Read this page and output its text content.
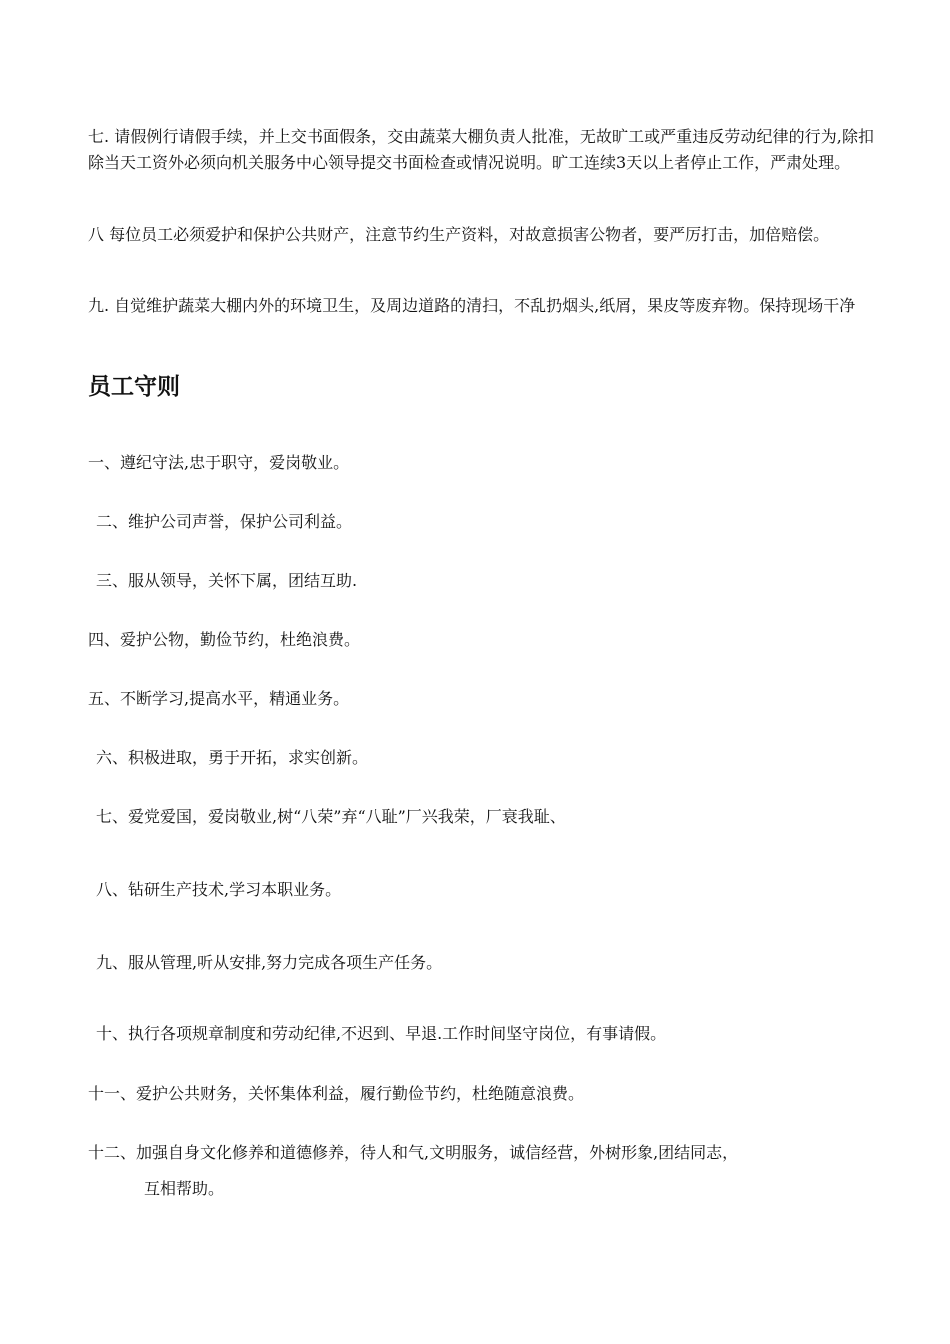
七. 请假例行请假手续，并上交书面假条，交由蔬菜大棚负责人批准，无故旷工或严重违反劳动纪律的行为,除扣除当天工资外必须向机关服务中心领导提交书面检查或情况说明。旷工连续3天以上者停止工作，严肃处理。

八 每位员工必须爱护和保护公共财产，注意节约生产资料，对故意损害公物者，要严厉打击，加倍赔偿。

九. 自觉维护蔬菜大棚内外的环境卫生，及周边道路的清扫，不乱扔烟头,纸屑，果皮等废弃物。保持现场干净

员工守则

一、遵纪守法,忠于职守，爱岗敬业。

二、维护公司声誉，保护公司利益。

三、服从领导，关怀下属，团结互助.

四、爱护公物，勤俭节约，杜绝浪费。

五、不断学习,提高水平，精通业务。

六、积极进取，勇于开拓，求实创新。

七、爱党爱国，爱岗敬业,树“八荣”弃“八耻”厂兴我荣，厂衰我耻、

八、钻研生产技术,学习本职业务。

九、服从管理,听从安排,努力完成各项生产任务。

十、执行各项规章制度和劳动纪律,不迟到、早退.工作时间坚守岗位，有事请假。

十一、爱护公共财务，关怀集体利益，履行勤俭节约，杜绝随意浪费。

十二、加强自身文化修养和道德修养，待人和气,文明服务，诚信经营，外树形象,团结同志，
互相帮助。
